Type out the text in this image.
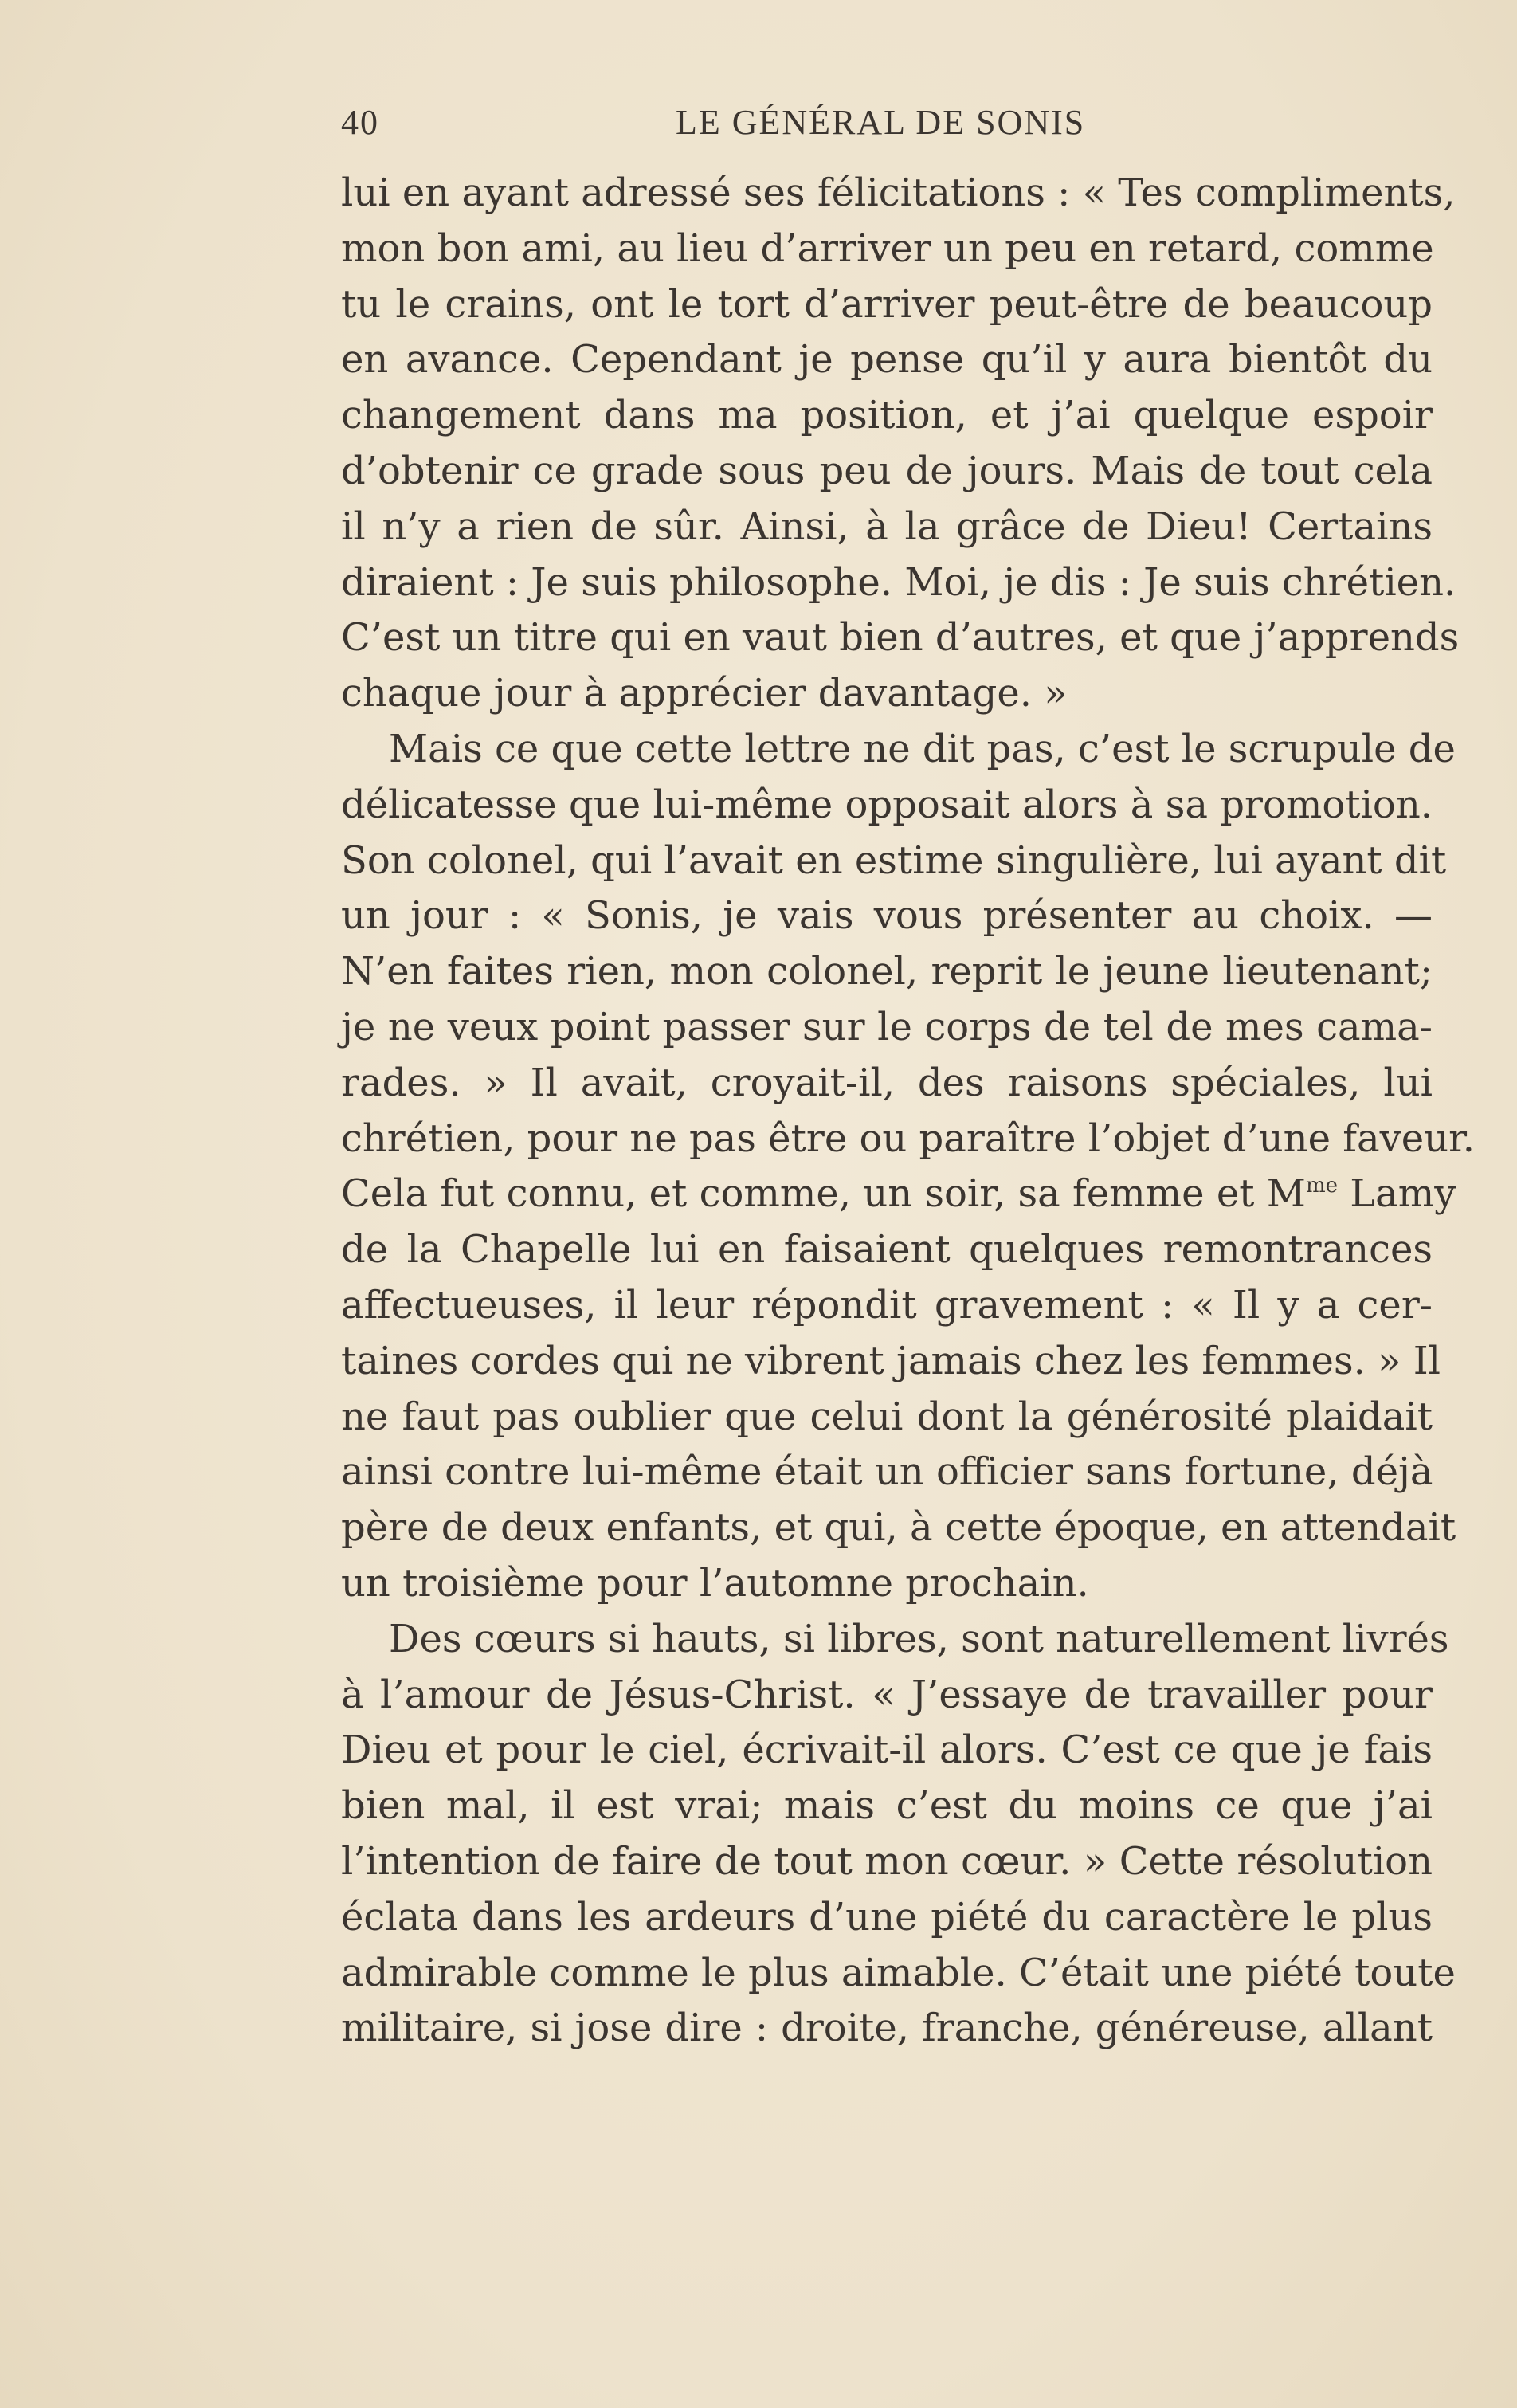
40	LE GÉNÉRAL DE SONIS
lui en ayant adressé ses félicitations : « Tes compliments,
mon bon ami, au lieu d’arriver un peu en retard, comme
tu le crains, ont le tort d’arriver peut-être de beaucoup
en avance. Cependant je pense qu’il y aura bientôt du
changement dans ma position, et j’ai quelque espoir
d’obtenir ce grade sous peu de jours. Mais de tout cela
il n’y a rien de sûr. Ainsi, à la grâce de Dieu! Certains
diraient : Je suis philosophe. Moi, je dis : Je suis chrétien.
C’est un titre qui en vaut bien d’autres, et que j’apprends
chaque jour à apprécier davantage. »
Mais ce que cette lettre ne dit pas, c’est le scrupule de
délicatesse que lui-même opposait alors à sa promotion.
Son colonel, qui l’avait en estime singulière, lui ayant dit
un jour : « Sonis, je vais vous présenter au choix. —
N’en faites rien, mon colonel, reprit le jeune lieutenant;
je ne veux point passer sur le corps de tel de mes cama-
rades. » Il avait, croyait-il, des raisons spéciales, lui
chrétien, pour ne pas être ou paraître l’objet d’une faveur.
Cela fut connu, et comme, un soir, sa femme et $M^{me}$ Lamy
de la Chapelle lui en faisaient quelques remontrances
affectueuses, il leur répondit gravement : « Il y a cer-
taines cordes qui ne vibrent jamais chez les femmes. » Il
ne faut pas oublier que celui dont la générosité plaidait
ainsi contre lui-même était un officier sans fortune, déjà
père de deux enfants, et qui, à cette époque, en attendait
un troisième pour l’automne prochain.
Des cœurs si hauts, si libres, sont naturellement livrés
à l’amour de Jésus-Christ. « J’essaye de travailler pour
Dieu et pour le ciel, écrivait-il alors. C’est ce que je fais
bien mal, il est vrai; mais c’est du moins ce que j’ai
l’intention de faire de tout mon cœur. » Cette résolution
éclata dans les ardeurs d’une piété du caractère le plus
admirable comme le plus aimable. C’était une piété toute
militaire, si jose dire : droite, franche, généreuse, allant
